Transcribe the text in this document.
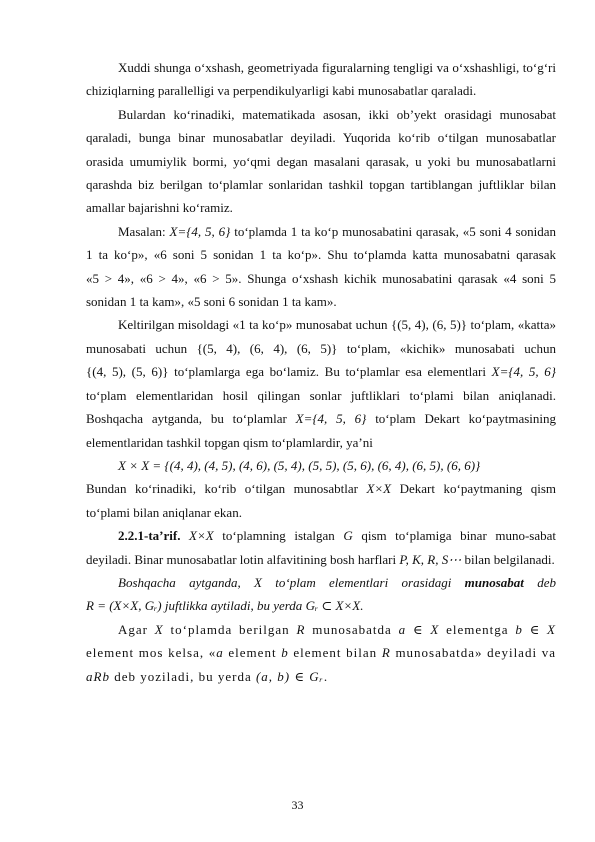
Xuddi shunga o‘xshash, geometriyada figuralarning tengligi va o‘xshashligi, to‘g‘ri chiziqlarning parallelligi va perpendikulyarligi kabi munosabatlar qaraladi.

Bulardan ko‘rinadiki, matematikada asosan, ikki ob’yekt orasidagi munosabat qaraladi, bunga binar munosabatlar deyiladi. Yuqorida ko‘rib o‘tilgan munosabatlar orasida umumiylik bormi, yo‘qmi degan masalani qarasak, u yoki bu munosabatlarni qarashda biz berilgan to‘plamlar sonlaridan tashkil topgan tartiblangan juftliklar bilan amallar bajarishni ko‘ramiz.

Masalan: X={4, 5, 6} to‘plamda 1 ta ko‘p munosabatini qarasak, «5 soni 4 sonidan 1 ta ko‘p», «6 soni 5 sonidan 1 ta ko‘p». Shu to‘plamda katta munosabatni qarasak «5 > 4», «6 > 4», «6 > 5». Shunga o‘xshash kichik munosabatini qarasak «4 soni 5 sonidan 1 ta kam», «5 soni 6 sonidan 1 ta kam».

Keltirilgan misoldagi «1 ta ko‘p» munosabat uchun {(5, 4), (6, 5)} to‘plam, «katta» munosabati uchun {(5, 4), (6, 4), (6, 5)} to‘plam, «kichik» munosabati uchun {(4, 5), (5, 6)} to‘plamlarga ega bo‘lamiz. Bu to‘plamlar esa elementlari X={4, 5, 6} to‘plam elementlaridan hosil qilingan sonlar juftliklari to‘plami bilan aniqlanadi. Boshqacha aytganda, bu to‘plamlar X={4, 5, 6} to‘plam Dekart ko‘paytmasining elementlaridan tashkil topgan qism to‘plamlardir, ya’ni

X × X = {(4, 4), (4, 5), (4, 6), (5, 4), (5, 5), (5, 6), (6, 4), (6, 5), (6, 6)}

Bundan ko‘rinadiki, ko‘rib o‘tilgan munosabtlar X×X Dekart ko‘paytmaning qism to‘plami bilan aniqlanar ekan.

2.2.1-ta’rif. X×X to‘plamning istalgan G qism to‘plamiga binar muno-sabat deyiladi. Binar munosabatlar lotin alfavitining bosh harflari P, K, R, S⋯ bilan belgilanadi.

Boshqacha aytganda, X to‘plam elementlari orasidagi munosabat deb R = (X×X, Gᵣ) juftlikka aytiladi, bu yerda Gᵣ ⊂ X×X.

Agar X to‘plamda berilgan R munosabatda a ∈ X elementga b ∈ X element mos kelsa, «a element b element bilan R munosabatda» deyiladi va aRb deb yoziladi, bu yerda (a, b) ∈ Gᵣ.

33
